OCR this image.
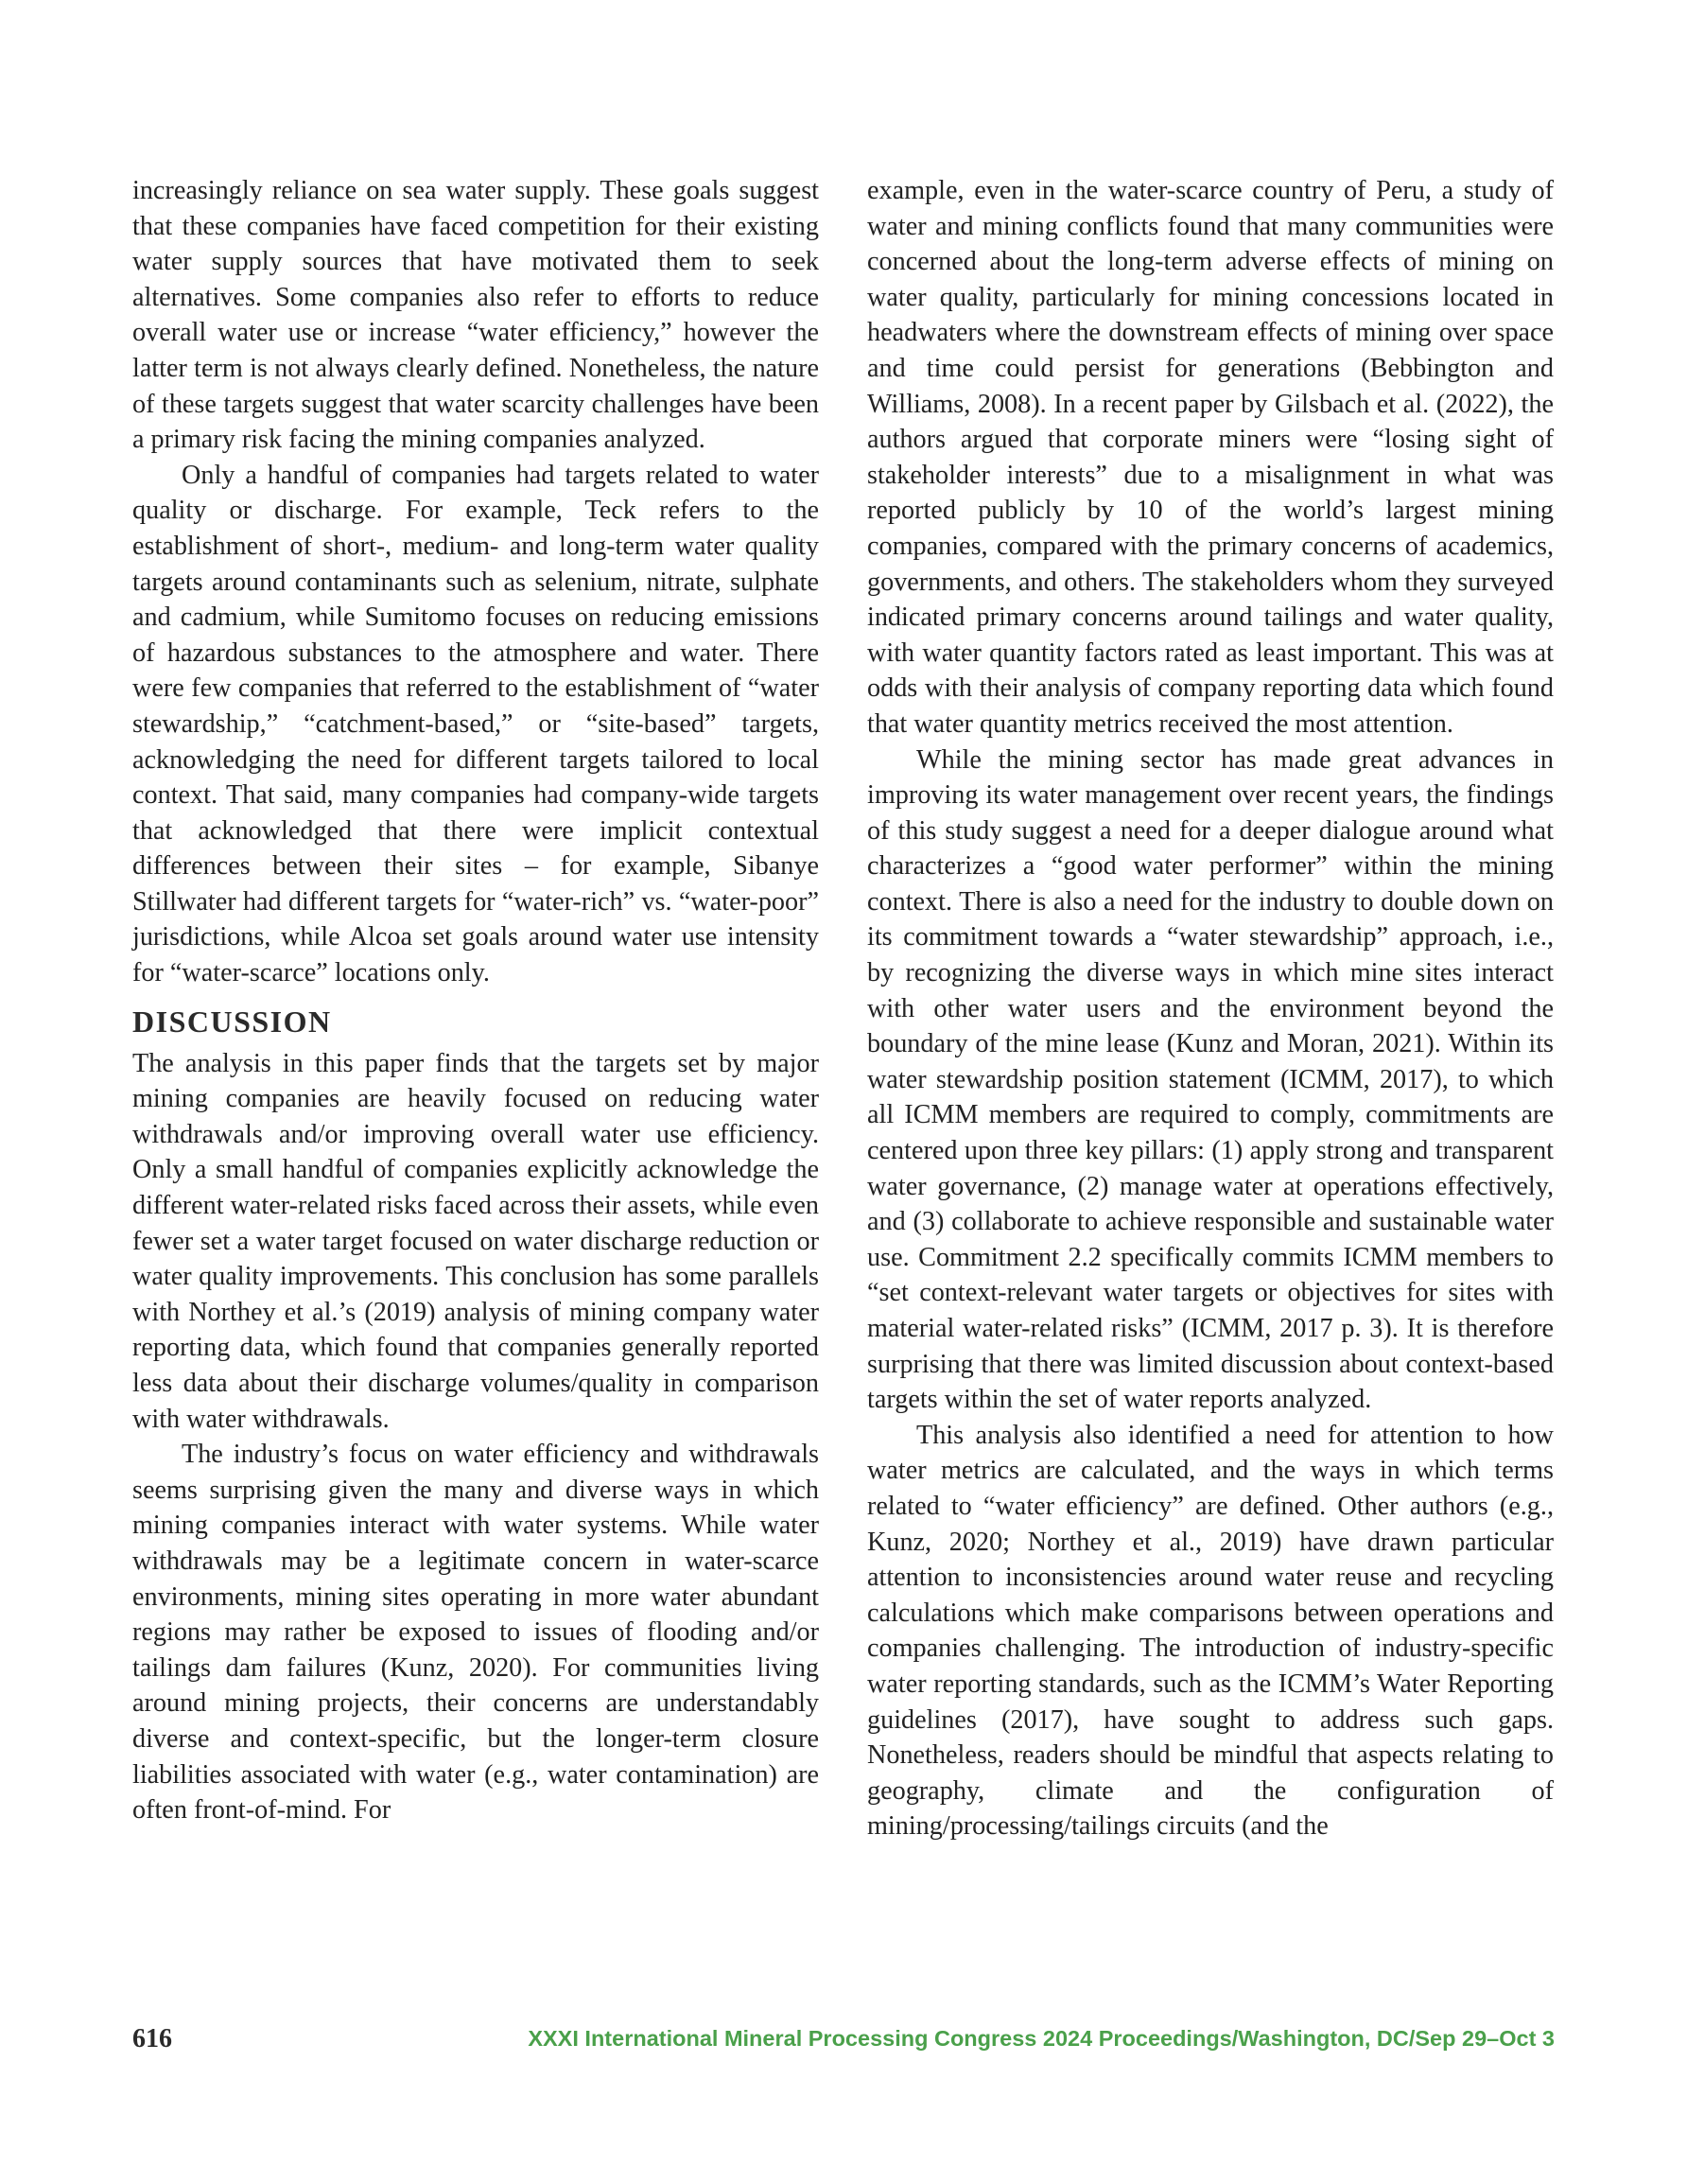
increasingly reliance on sea water supply. These goals suggest that these companies have faced competition for their existing water supply sources that have motivated them to seek alternatives. Some companies also refer to efforts to reduce overall water use or increase “water efficiency,” however the latter term is not always clearly defined. Nonetheless, the nature of these targets suggest that water scarcity challenges have been a primary risk facing the mining companies analyzed.

Only a handful of companies had targets related to water quality or discharge. For example, Teck refers to the establishment of short-, medium- and long-term water quality targets around contaminants such as selenium, nitrate, sulphate and cadmium, while Sumitomo focuses on reducing emissions of hazardous substances to the atmosphere and water. There were few companies that referred to the establishment of “water stewardship,” “catchment-based,” or “site-based” targets, acknowledging the need for different targets tailored to local context. That said, many companies had company-wide targets that acknowledged that there were implicit contextual differences between their sites – for example, Sibanye Stillwater had different targets for “water-rich” vs. “water-poor” jurisdictions, while Alcoa set goals around water use intensity for “water-scarce” locations only.

DISCUSSION

The analysis in this paper finds that the targets set by major mining companies are heavily focused on reducing water withdrawals and/or improving overall water use efficiency. Only a small handful of companies explicitly acknowledge the different water-related risks faced across their assets, while even fewer set a water target focused on water discharge reduction or water quality improvements. This conclusion has some parallels with Northey et al.’s (2019) analysis of mining company water reporting data, which found that companies generally reported less data about their discharge volumes/quality in comparison with water withdrawals.

The industry’s focus on water efficiency and withdrawals seems surprising given the many and diverse ways in which mining companies interact with water systems. While water withdrawals may be a legitimate concern in water-scarce environments, mining sites operating in more water abundant regions may rather be exposed to issues of flooding and/or tailings dam failures (Kunz, 2020). For communities living around mining projects, their concerns are understandably diverse and context-specific, but the longer-term closure liabilities associated with water (e.g., water contamination) are often front-of-mind. For

example, even in the water-scarce country of Peru, a study of water and mining conflicts found that many communities were concerned about the long-term adverse effects of mining on water quality, particularly for mining concessions located in headwaters where the downstream effects of mining over space and time could persist for generations (Bebbington and Williams, 2008). In a recent paper by Gilsbach et al. (2022), the authors argued that corporate miners were “losing sight of stakeholder interests” due to a misalignment in what was reported publicly by 10 of the world’s largest mining companies, compared with the primary concerns of academics, governments, and others. The stakeholders whom they surveyed indicated primary concerns around tailings and water quality, with water quantity factors rated as least important. This was at odds with their analysis of company reporting data which found that water quantity metrics received the most attention.

While the mining sector has made great advances in improving its water management over recent years, the findings of this study suggest a need for a deeper dialogue around what characterizes a “good water performer” within the mining context. There is also a need for the industry to double down on its commitment towards a “water stewardship” approach, i.e., by recognizing the diverse ways in which mine sites interact with other water users and the environment beyond the boundary of the mine lease (Kunz and Moran, 2021). Within its water stewardship position statement (ICMM, 2017), to which all ICMM members are required to comply, commitments are centered upon three key pillars: (1) apply strong and transparent water governance, (2) manage water at operations effectively, and (3) collaborate to achieve responsible and sustainable water use. Commitment 2.2 specifically commits ICMM members to “set context-relevant water targets or objectives for sites with material water-related risks” (ICMM, 2017 p. 3). It is therefore surprising that there was limited discussion about context-based targets within the set of water reports analyzed.

This analysis also identified a need for attention to how water metrics are calculated, and the ways in which terms related to “water efficiency” are defined. Other authors (e.g., Kunz, 2020; Northey et al., 2019) have drawn particular attention to inconsistencies around water reuse and recycling calculations which make comparisons between operations and companies challenging. The introduction of industry-specific water reporting standards, such as the ICMM’s Water Reporting guidelines (2017), have sought to address such gaps. Nonetheless, readers should be mindful that aspects relating to geography, climate and the configuration of mining/processing/tailings circuits (and the

616	XXXI International Mineral Processing Congress 2024 Proceedings/Washington, DC/Sep 29–Oct 3
